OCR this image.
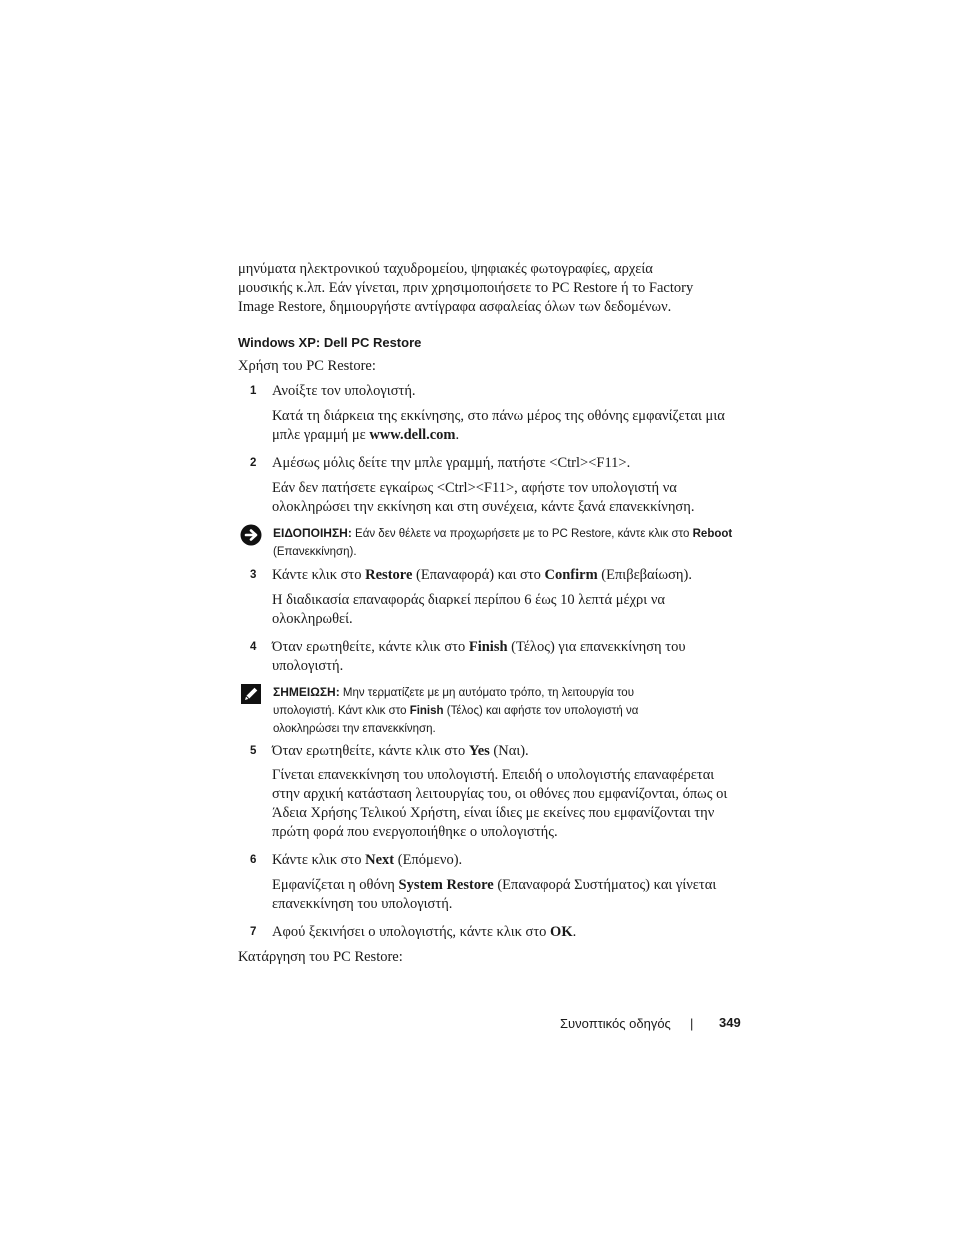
μηνύματα ηλεκτρονικού ταχυδρομείου, ψηφιακές φωτογραφίες, αρχεία

μουσικής κ.λπ. Εάν γίνεται, πριν χρησιμοποιήσετε το PC Restore ή το Factory

Image Restore, δημιουργήστε αντίγραφα ασφαλείας όλων των δεδομένων.

Windows XP: Dell PC Restore
Χρήση του PC Restore:
1 Ανοίξτε τον υπολογιστή.
Κατά τη διάρκεια της εκκίνησης, στο πάνω μέρος της οθόνης εμφανίζεται μια μπλε γραμμή με www.dell.com.
2 Αμέσως μόλις δείτε την μπλε γραμμή, πατήστε <Ctrl><F11>.
Εάν δεν πατήσετε εγκαίρως <Ctrl><F11>, αφήστε τον υπολογιστή να ολοκληρώσει την εκκίνηση και στη συνέχεια, κάντε ξανά επανεκκίνηση.
ΕΙΔΟΠΟΙΗΣΗ: Εάν δεν θέλετε να προχωρήσετε με το PC Restore, κάντε κλικ στο Reboot (Επανεκκίνηση).
3 Κάντε κλικ στο Restore (Επαναφορά) και στο Confirm (Επιβεβαίωση).
Η διαδικασία επαναφοράς διαρκεί περίπου 6 έως 10 λεπτά μέχρι να ολοκληρωθεί.
4 Όταν ερωτηθείτε, κάντε κλικ στο Finish (Τέλος) για επανεκκίνηση του υπολογιστή.
ΣΗΜΕΙΩΣΗ: Μην τερματίζετε με μη αυτόματο τρόπο, τη λειτουργία του υπολογιστή. Κάντ κλικ στο Finish (Τέλος) και αφήστε τον υπολογιστή να ολοκληρώσει την επανεκκίνηση.
5 Όταν ερωτηθείτε, κάντε κλικ στο Yes (Ναι).
Γίνεται επανεκκίνηση του υπολογιστή. Επειδή ο υπολογιστής επαναφέρεται στην αρχική κατάσταση λειτουργίας του, οι οθόνες που εμφανίζονται, όπως οι Άδεια Χρήσης Τελικού Χρήστη, είναι ίδιες με εκείνες που εμφανίζονται την πρώτη φορά που ενεργοποιήθηκε ο υπολογιστής.
6 Κάντε κλικ στο Next (Επόμενο).
Εμφανίζεται η οθόνη System Restore (Επαναφορά Συστήματος) και γίνεται επανεκκίνηση του υπολογιστή.
7 Αφού ξεκινήσει ο υπολογιστής, κάντε κλικ στο OK.
Κατάργηση του PC Restore:
Συνοπτικός οδηγός | 349
